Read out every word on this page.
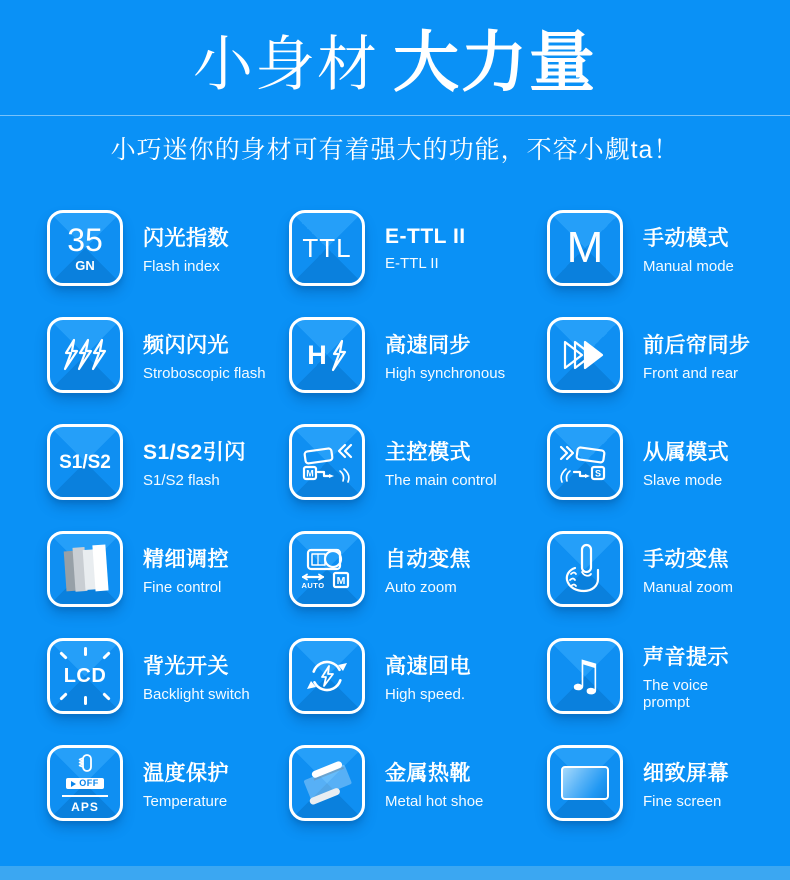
小身材 大力量
小巧迷你的身材可有着强大的功能，不容小觑ta！
35
GN
闪光指数
Flash index
TTL E-TTL II
E-TTL II	M 手动模式
Manual mode
频闪闪光
Stroboscopic flash
H	高速同步
High synchronous
前后帘同步
Front and rear
S1/S2 S1/S2引闪
S1/S2 flash	M
主控模式
The main control	S
从属模式
Slave mode
精细调控
Fine control	AUTO M
自动变焦
Auto zoom
手动变焦
Manual zoom
LCD 背光开关
Backlight switch
高速回电
High speed. ♫ 声音提示
The voice prompt
OFF
APS
温度保护
Temperature
金属热靴
Metal hot shoe
细致屏幕
Fine screen
